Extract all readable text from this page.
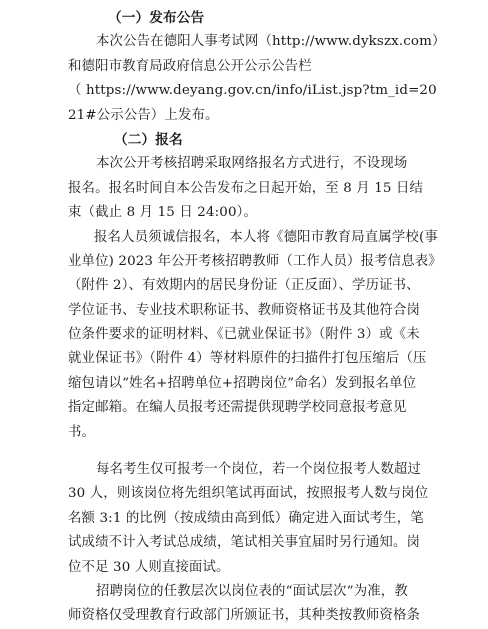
（一）发布公告
本次公告在德阳人事考试网（http://www.dykszx.com）
和德阳市教育局政府信息公开公示公告栏
（ https://www.deyang.gov.cn/info/iList.jsp?tm_id=20
21#公示公告）上发布。
（二）报名
本次公开考核招聘采取网络报名方式进行，不设现场
报名。报名时间自本公告发布之日起开始，至 8 月 15 日结
束（截止 8 月 15 日 24:00）。
报名人员须诚信报名，本人将《德阳市教育局直属学校(事
业单位) 2023 年公开考核招聘教师（工作人员）报考信息表》
（附件 2）、有效期内的居民身份证（正反面）、学历证书、
学位证书、专业技术职称证书、教师资格证书及其他符合岗
位条件要求的证明材料、《已就业保证书》（附件 3）或《未
就业保证书》（附件 4）等材料原件的扫描件打包压缩后（压
缩包请以“姓名+招聘单位+招聘岗位”命名）发到报名单位
指定邮箱。在编人员报考还需提供现聘学校同意报考意见
书。
每名考生仅可报考一个岗位，若一个岗位报考人数超过
30 人，则该岗位将先组织笔试再面试，按照报考人数与岗位
名额 3:1 的比例（按成绩由高到低）确定进入面试考生，笔
试成绩不计入考试总成绩，笔试相关事宜届时另行通知。岗
位不足 30 人则直接面试。
招聘岗位的任教层次以岗位表的“面试层次”为准，教
师资格仅受理教育行政部门所颁证书，其种类按教师资格条
